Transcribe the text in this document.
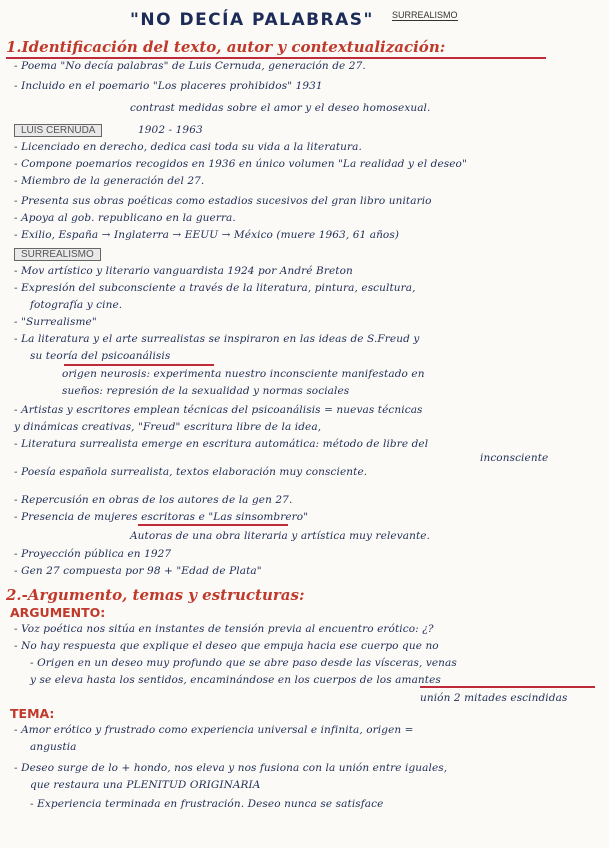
"NO DECÍA PALABRAS" SURREALISMO
1.Identificación del texto, autor y contextualización:
- Poema "No decía palabras" de Luis Cernuda, generación de 27.
- Incluido en el poemario "Los placeres prohibidos" 1931
contrast medidas sobre el amor y el deseo homosexual.
LUIS CERNUDA	1902 - 1963
- Licenciado en derecho, dedica casi toda su vida a la literatura.
- Compone poemarios recogidos en 1936 en único volumen "La realidad y el deseo"
- Miembro de la generación del 27.
- Presenta sus obras poéticas como estadios sucesivos del gran libro unitario
- Apoya al gob. republicano en la guerra.
- Exilio, España → Inglaterra → EEUU → México (muere 1963, 61 años)
SURREALISMO
- Mov artístico y literario vanguardista 1924 por André Breton
- Expresión del subconsciente a través de la literatura, pintura, escultura,
fotografía y cine.
- "Surrealisme"
- La literatura y el arte surrealistas se inspiraron en las ideas de S.Freud y
su teoría del psicoanálisis
origen neurosis: experimenta nuestro inconsciente manifestado en
sueños: represión de la sexualidad y normas sociales
- Artistas y escritores emplean técnicas del psicoanálisis = nuevas técnicas
y dinámicas creativas, "Freud" escritura libre de la idea,
- Literatura surrealista emerge en escritura automática: método de libre del
inconsciente
- Poesía española surrealista, textos elaboración muy consciente.
- Repercusión en obras de los autores de la gen 27.
- Presencia de mujeres escritoras e "Las sinsombrero"
Autoras de una obra literaria y artística muy relevante.
- Proyección pública en 1927
- Gen 27 compuesta por 98 + "Edad de Plata"
2.-Argumento, temas y estructuras:
ARGUMENTO:
- Voz poética nos sitúa en instantes de tensión previa al encuentro erótico: ¿?
- No hay respuesta que explique el deseo que empuja hacia ese cuerpo que no
- Origen en un deseo muy profundo que se abre paso desde las vísceras, venas
y se eleva hasta los sentidos, encaminándose en los cuerpos de los amantes
unión 2 mitades escindidas
TEMA:
- Amor erótico y frustrado como experiencia universal e infinita, origen =
angustia
- Deseo surge de lo + hondo, nos eleva y nos fusiona con la unión entre iguales,
que restaura una PLENITUD ORIGINARIA
- Experiencia terminada en frustración. Deseo nunca se satisface
